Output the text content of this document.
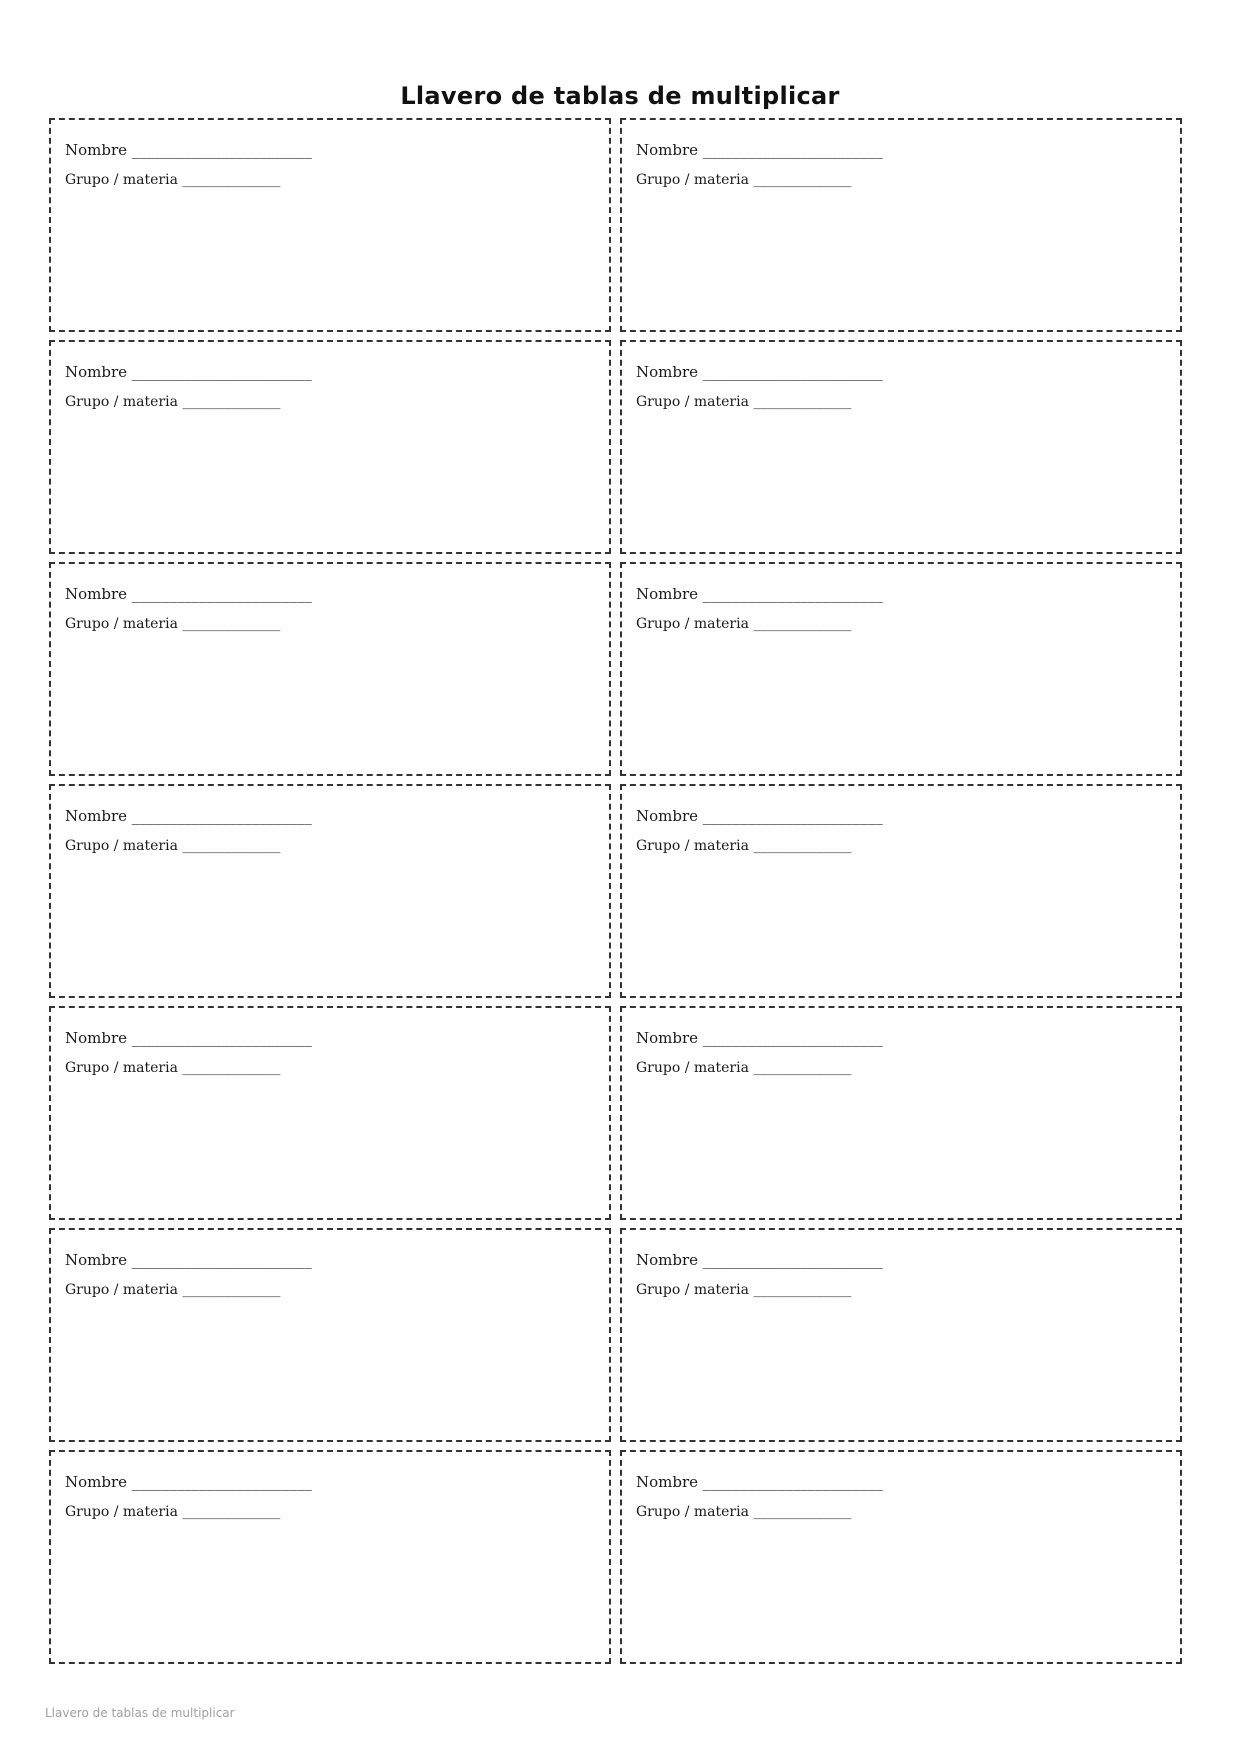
Llavero de tablas de multiplicar
Nombre ________________________
Grupo / materia ______________
Nombre ________________________
Grupo / materia ______________
Nombre ________________________
Grupo / materia ______________
Nombre ________________________
Grupo / materia ______________
Nombre ________________________
Grupo / materia ______________
Nombre ________________________
Grupo / materia ______________
Nombre ________________________
Grupo / materia ______________
Nombre ________________________
Grupo / materia ______________
Nombre ________________________
Grupo / materia ______________
Nombre ________________________
Grupo / materia ______________
Nombre ________________________
Grupo / materia ______________
Nombre ________________________
Grupo / materia ______________
Nombre ________________________
Grupo / materia ______________
Nombre ________________________
Grupo / materia ______________
Llavero de tablas de multiplicar
